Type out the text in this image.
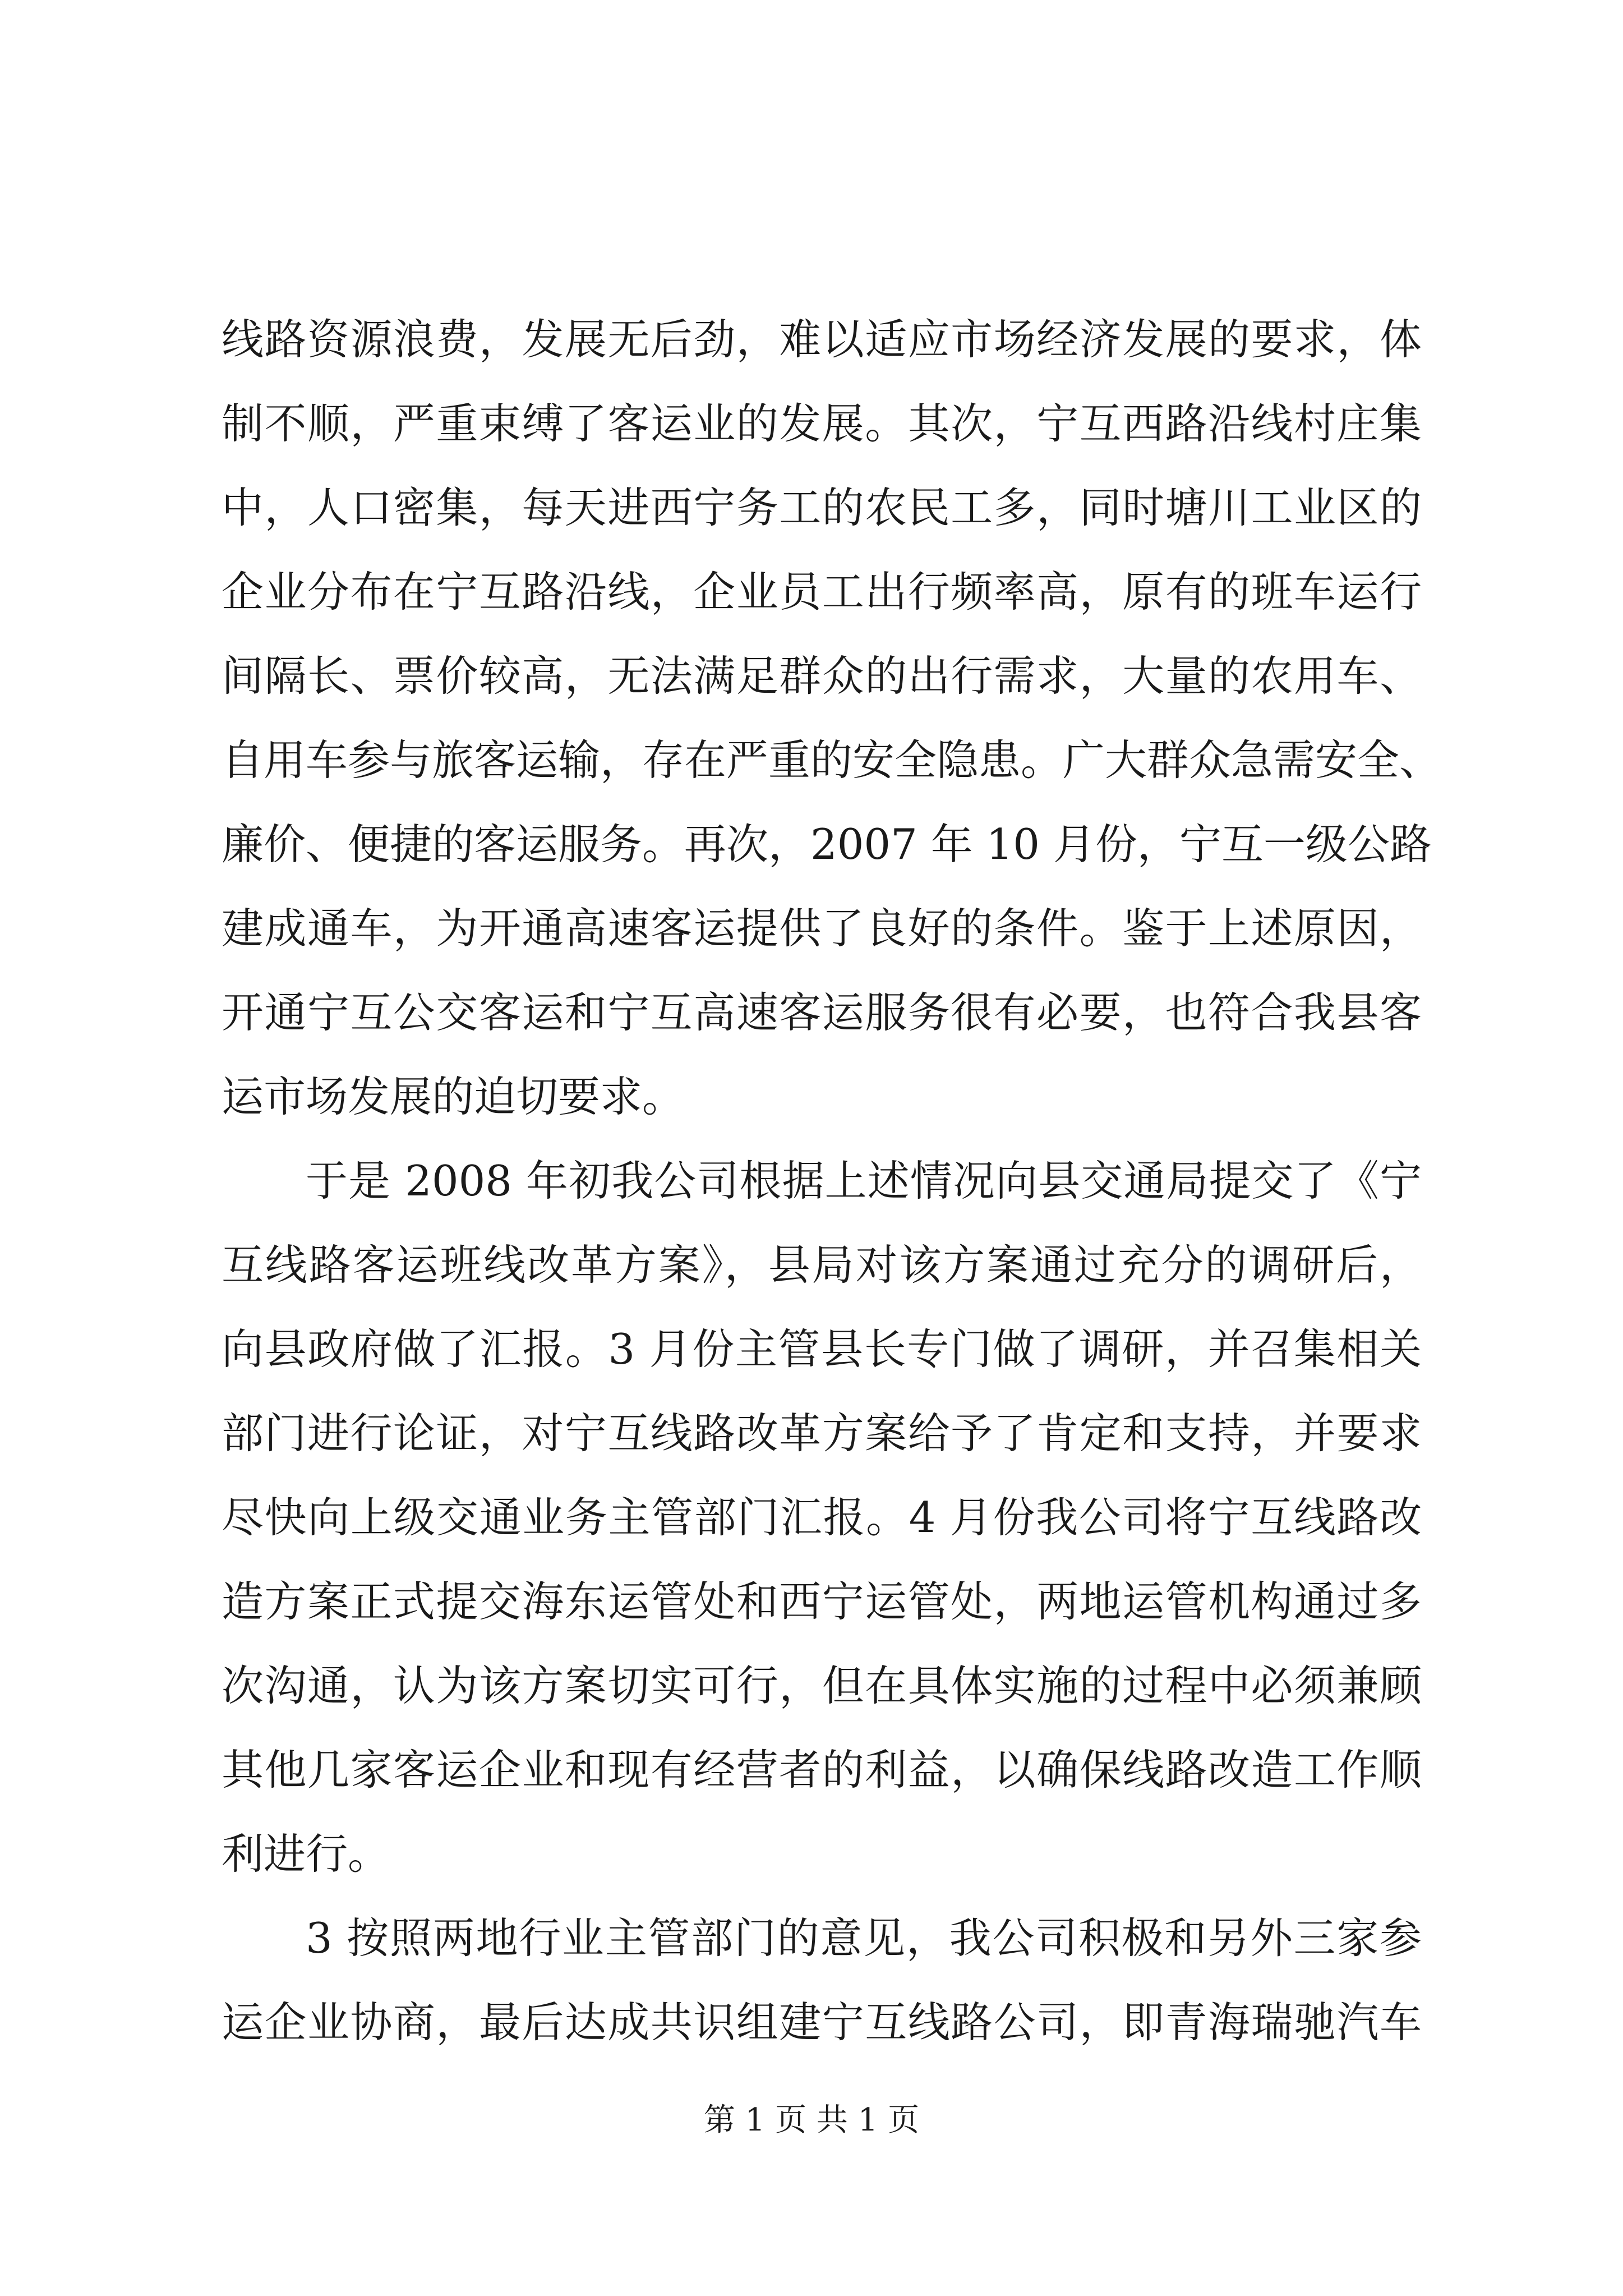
线路资源浪费，发展无后劲，难以适应市场经济发展的要求，体
制不顺，严重束缚了客运业的发展。其次，宁互西路沿线村庄集
中，人口密集，每天进西宁务工的农民工多，同时塘川工业区的
企业分布在宁互路沿线，企业员工出行频率高，原有的班车运行
间隔长、票价较高，无法满足群众的出行需求，大量的农用车、
自用车参与旅客运输，存在严重的安全隐患。广大群众急需安全、
廉价、便捷的客运服务。再次，2007 年 10 月份，宁互一级公路
建成通车，为开通高速客运提供了良好的条件。鉴于上述原因，
开通宁互公交客运和宁互高速客运服务很有必要，也符合我县客
运市场发展的迫切要求。
于是 2008 年初我公司根据上述情况向县交通局提交了《宁
互线路客运班线改革方案》，县局对该方案通过充分的调研后，
向县政府做了汇报。3 月份主管县长专门做了调研，并召集相关
部门进行论证，对宁互线路改革方案给予了肯定和支持，并要求
尽快向上级交通业务主管部门汇报。4 月份我公司将宁互线路改
造方案正式提交海东运管处和西宁运管处，两地运管机构通过多
次沟通，认为该方案切实可行，但在具体实施的过程中必须兼顾
其他几家客运企业和现有经营者的利益，以确保线路改造工作顺
利进行。
3 按照两地行业主管部门的意见，我公司积极和另外三家参
运企业协商，最后达成共识组建宁互线路公司，即青海瑞驰汽车
第 1 页 共 1 页
